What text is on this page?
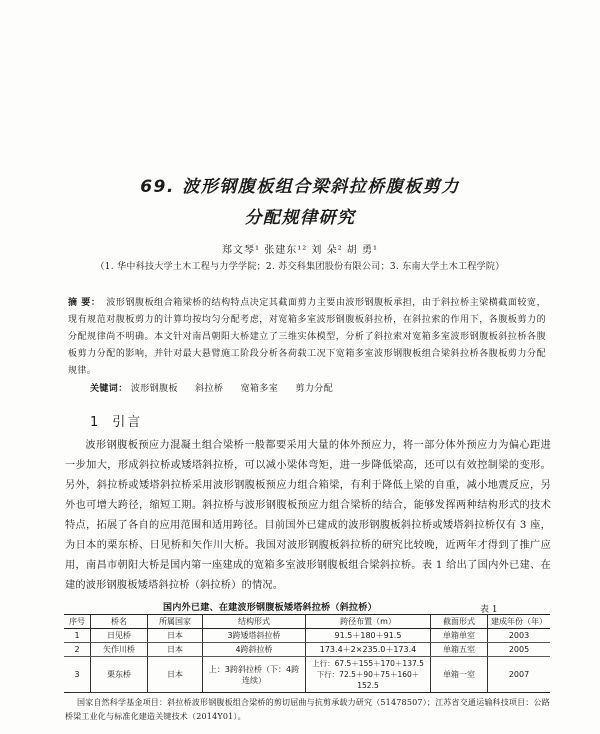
69. 波形钢腹板组合梁斜拉桥腹板剪力
分配规律研究
郑文琴¹ 张建东¹² 刘 朵² 胡 勇¹
（1. 华中科技大学土木工程与力学学院；2. 苏交科集团股份有限公司；3. 东南大学土木工程学院）
摘 要： 波形钢腹板组合箱梁桥的结构特点决定其截面剪力主要由波形钢腹板承担，由于斜拉桥主梁横截面较宽，现有规范对腹板剪力的计算均按均匀分配考虑，对宽箱多室波形钢腹板斜拉桥，在斜拉索的作用下，各腹板剪力的分配规律尚不明确。本文针对南昌朝阳大桥建立了三维实体模型，分析了斜拉索对宽箱多室波形钢腹板斜拉桥各腹板剪力分配的影响，并针对最大悬臂施工阶段分析各荷载工况下宽箱多室波形钢腹板组合梁斜拉桥各腹板剪力分配规律。
关键词： 波形钢腹板 斜拉桥 宽箱多室 剪力分配
1 引言

波形钢腹板预应力混凝土组合梁桥一般都要采用大量的体外预应力，将一部分体外预应力为偏心距进一步加大，形成斜拉桥或矮塔斜拉桥，可以减小梁体弯矩，进一步降低梁高，还可以有效控制梁的变形。另外，斜拉桥或矮塔斜拉桥采用波形钢腹板预应力组合箱梁，有利于降低上梁的自重，减小地震反应，另外也可增大跨径，缩短工期。斜拉桥与波形钢腹板预应力组合梁桥的结合，能够发挥两种结构形式的技术特点，拓展了各自的应用范围和适用跨径。目前国外已建成的波形钢腹板斜拉桥或矮塔斜拉桥仅有 3 座，为日本的栗东桥、日见桥和矢作川大桥。我国对波形钢腹板斜拉桥的研究比较晚，近两年才得到了推广应用，南昌市朝阳大桥是国内第一座建成的宽箱多室波形钢腹板组合梁斜拉桥。表 1 给出了国内外已建、在建的波形钢腹板矮塔斜拉桥（斜拉桥）的情况。

国内外已建、在建波形钢腹板矮塔斜拉桥（斜拉桥）	表 1
序号	桥名	所属国家	结构形式	跨径布置（m）	截面形式	建成年份（年）
1	日见桥	日本	3跨矮塔斜拉桥	91.5＋180＋91.5	单箱单室	2003
2	矢作川桥	日本	4跨斜拉桥	173.4＋2×235.0＋173.4	单箱五室	2005
3	栗东桥	日本	上：3跨斜拉桥（下：4跨连续）	上行：67.5＋155＋170＋137.5 下行：72.5＋90＋75＋160＋152.5	单箱一室	2007
国家自然科学基金项目：斜拉桥波形钢腹板组合梁桥的剪切屈曲与抗剪承载力研究（51478507）；江苏省交通运输科技项目：公路桥梁工业化与标准化建造关键技术（2014Y01）。
